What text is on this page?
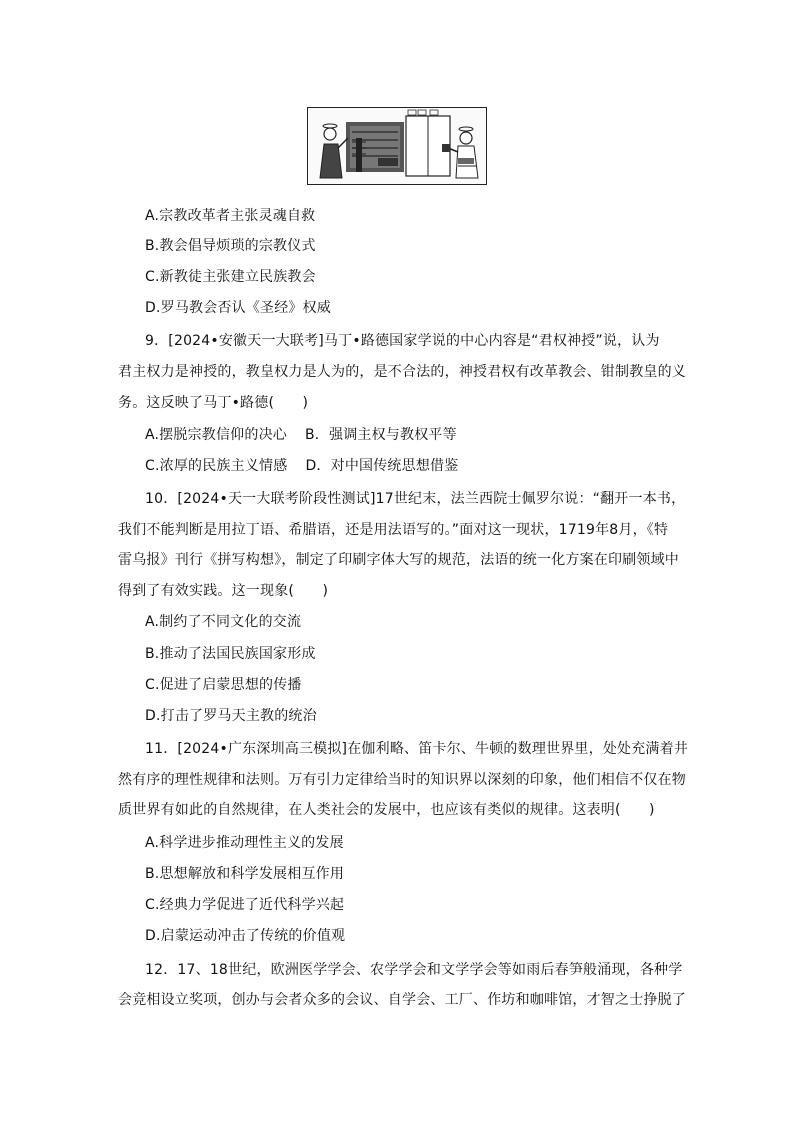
A.宗教改革者主张灵魂自救
B.教会倡导烦琐的宗教仪式
C.新教徒主张建立民族教会
D.罗马教会否认《圣经》权威
9．[2024•安徽天一大联考]马丁•路德国家学说的中心内容是“君权神授”说，认为
君主权力是神授的，教皇权力是人为的，是不合法的，神授君权有改革教会、钳制教皇的义
务。这反映了马丁•路德(　　)
A.摆脱宗教信仰的决心 B．强调主权与教权平等
C.浓厚的民族主义情感 D．对中国传统思想借鉴
10．[2024•天一大联考阶段性测试]17世纪末，法兰西院士佩罗尔说：“翻开一本书，
我们不能判断是用拉丁语、希腊语，还是用法语写的。”面对这一现状，1719年8月，《特
雷乌报》刊行《拼写构想》，制定了印刷字体大写的规范，法语的统一化方案在印刷领域中
得到了有效实践。这一现象(　　)
A.制约了不同文化的交流
B.推动了法国民族国家形成
C.促进了启蒙思想的传播
D.打击了罗马天主教的统治
11．[2024•广东深圳高三模拟]在伽利略、笛卡尔、牛顿的数理世界里，处处充满着井
然有序的理性规律和法则。万有引力定律给当时的知识界以深刻的印象，他们相信不仅在物
质世界有如此的自然规律，在人类社会的发展中，也应该有类似的规律。这表明(　　)
A.科学进步推动理性主义的发展
B.思想解放和科学发展相互作用
C.经典力学促进了近代科学兴起
D.启蒙运动冲击了传统的价值观
12．17、18世纪，欧洲医学学会、农学学会和文学学会等如雨后春笋般涌现，各种学
会竞相设立奖项，创办与会者众多的会议、自学会、工厂、作坊和咖啡馆，才智之士挣脱了
